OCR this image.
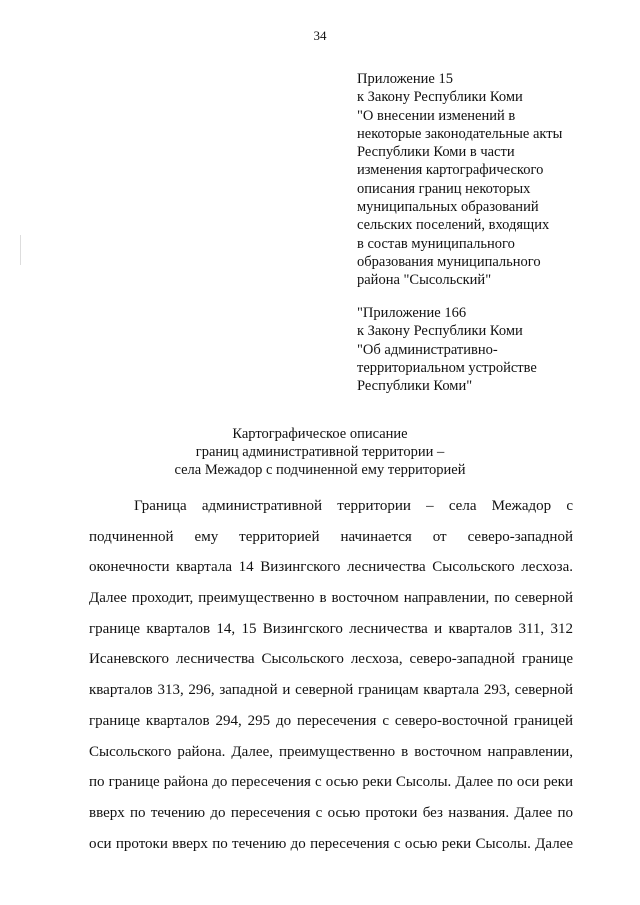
34
Приложение 15
к Закону Республики Коми
"О внесении изменений в
некоторые законодательные акты
Республики Коми в части
изменения картографического
описания границ некоторых
муниципальных образований
сельских поселений, входящих
в состав муниципального
образования муниципального
района "Сысольский"
"Приложение 166
к Закону Республики Коми
"Об административно-
территориальном устройстве
Республики Коми"
Картографическое описание
границ административной территории –
села Межадор с подчиненной ему территорией
Граница административной территории – села Межадор с
подчиненной ему территорией начинается от северо-западной
оконечности квартала 14 Визингского лесничества Сысольского лесхоза.
Далее проходит, преимущественно в восточном направлении, по северной
границе кварталов 14, 15 Визингского лесничества и кварталов 311, 312
Исаневского лесничества Сысольского лесхоза, северо-западной границе
кварталов 313, 296, западной и северной границам квартала 293, северной
границе кварталов 294, 295 до пересечения с северо-восточной границей
Сысольского района. Далее, преимущественно в восточном направлении,
по границе района до пересечения с осью реки Сысолы. Далее по оси реки
вверх по течению до пересечения с осью протоки без названия. Далее по
оси протоки вверх по течению до пересечения с осью реки Сысолы. Далее
